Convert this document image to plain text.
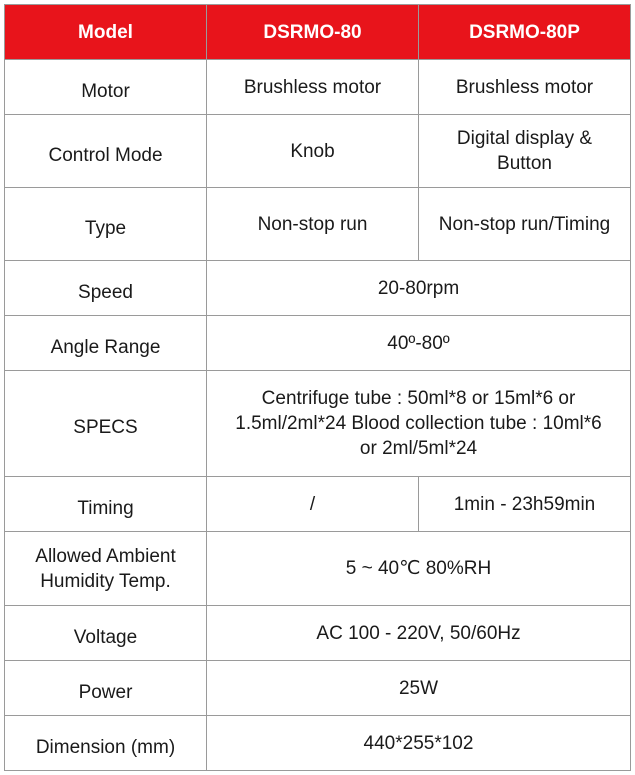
Model	DSRMO-80	DSRMO-80P
Motor	Brushless motor	Brushless motor
Control Mode	Knob	Digital display & Button
Type	Non-stop run	Non-stop run/Timing
Speed	20-80rpm	
Angle Range	40º-80º	
SPECS	Centrifuge tube : 50ml*8 or 15ml*6 or 1.5ml/2ml*24 Blood collection tube : 10ml*6 or 2ml/5ml*24	
Timing	/	1min - 23h59min
Allowed Ambient Humidity Temp.	5 ~ 40℃ 80%RH	
Voltage	AC 100 - 220V, 50/60Hz	
Power	25W	
Dimension (mm)	440*255*102	
